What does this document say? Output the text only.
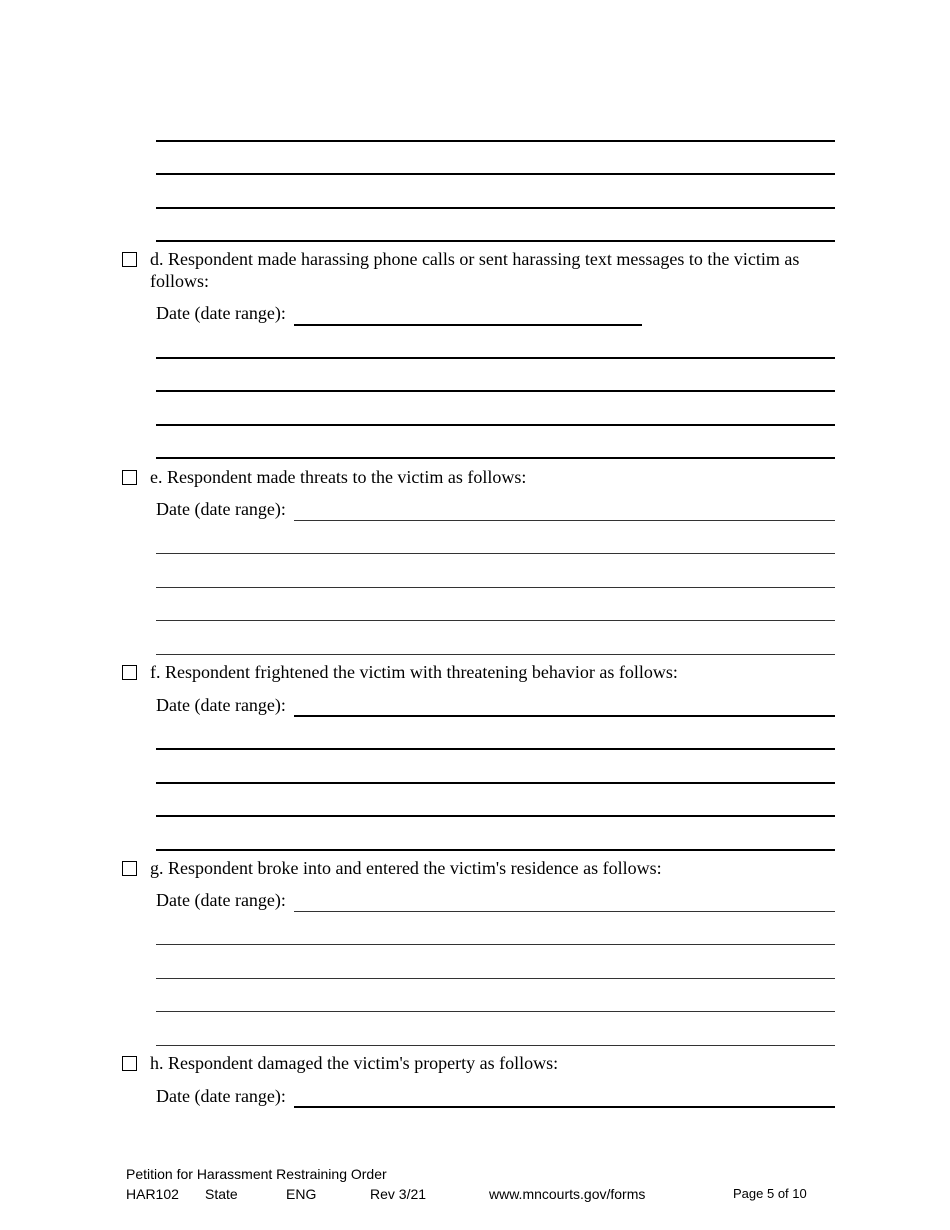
d. Respondent made harassing phone calls or sent harassing text messages to the victim as follows:
Date (date range):
e. Respondent made threats to the victim as follows:
Date (date range):
f. Respondent frightened the victim with threatening behavior as follows:
Date (date range):
g. Respondent broke into and entered the victim's residence as follows:
Date (date range):
h. Respondent damaged the victim's property as follows:
Date (date range):
Petition for Harassment Restraining Order
HAR102 State	ENG	Rev 3/21	www.mncourts.gov/forms	Page 5 of 10
